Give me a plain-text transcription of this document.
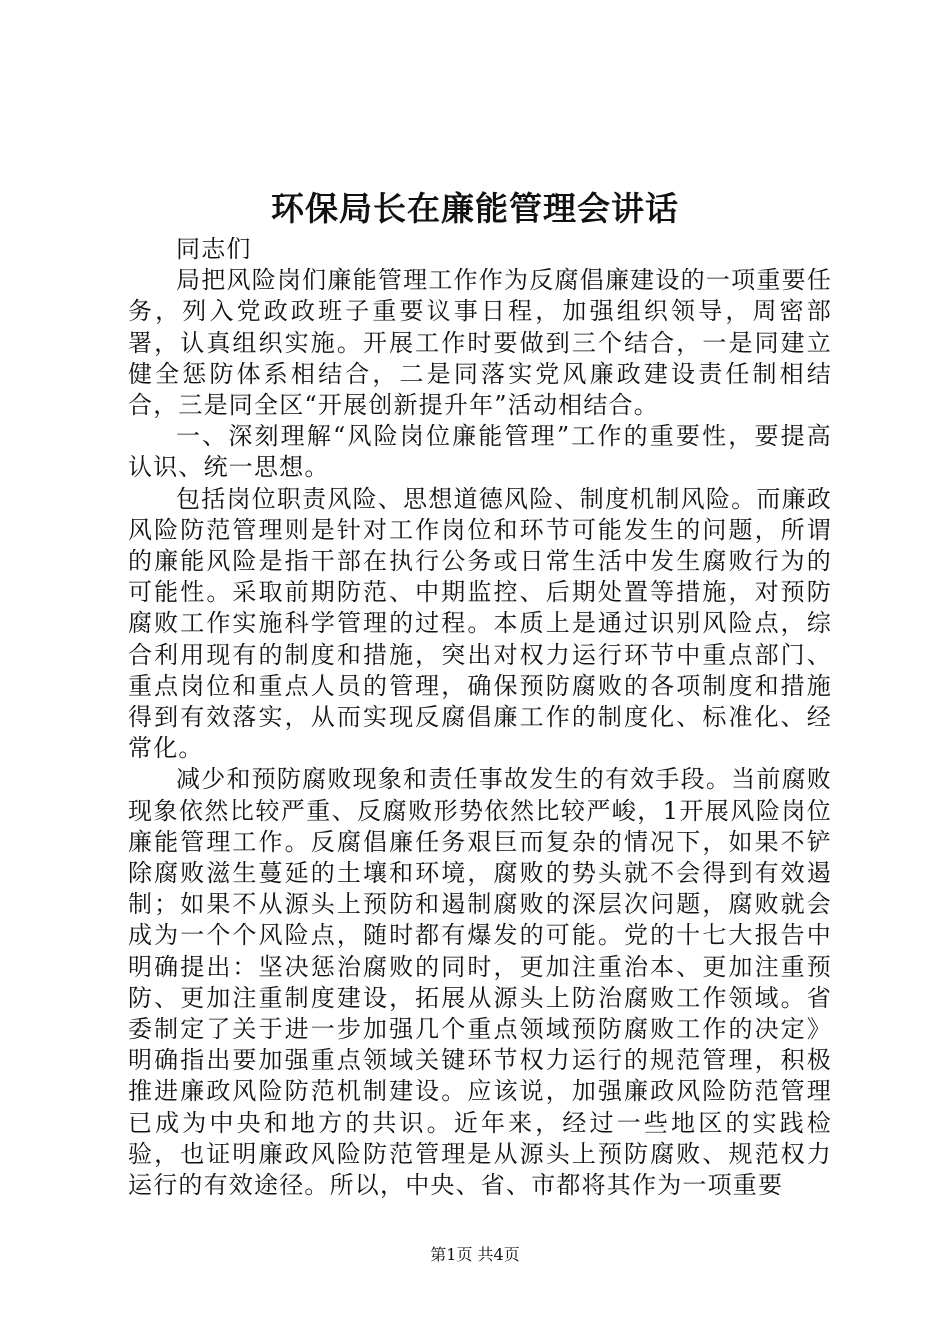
环保局长在廉能管理会讲话

同志们

局把风险岗们廉能管理工作作为反腐倡廉建设的一项重要任务，列入党政政班子重要议事日程，加强组织领导，周密部署，认真组织实施。开展工作时要做到三个结合，一是同建立健全惩防体系相结合，二是同落实党风廉政建设责任制相结合，三是同全区“开展创新提升年”活动相结合。

一、深刻理解“风险岗位廉能管理”工作的重要性，要提高认识、统一思想。

包括岗位职责风险、思想道德风险、制度机制风险。而廉政风险防范管理则是针对工作岗位和环节可能发生的问题，所谓的廉能风险是指干部在执行公务或日常生活中发生腐败行为的可能性。采取前期防范、中期监控、后期处置等措施，对预防腐败工作实施科学管理的过程。本质上是通过识别风险点，综合利用现有的制度和措施，突出对权力运行环节中重点部门、重点岗位和重点人员的管理，确保预防腐败的各项制度和措施得到有效落实，从而实现反腐倡廉工作的制度化、标准化、经常化。

减少和预防腐败现象和责任事故发生的有效手段。当前腐败现象依然比较严重、反腐败形势依然比较严峻，1开展风险岗位廉能管理工作。反腐倡廉任务艰巨而复杂的情况下，如果不铲除腐败滋生蔓延的土壤和环境，腐败的势头就不会得到有效遏制；如果不从源头上预防和遏制腐败的深层次问题，腐败就会成为一个个风险点，随时都有爆发的可能。党的十七大报告中明确提出：坚决惩治腐败的同时，更加注重治本、更加注重预防、更加注重制度建设，拓展从源头上防治腐败工作领域。省委制定了关于进一步加强几个重点领域预防腐败工作的决定》明确指出要加强重点领域关键环节权力运行的规范管理，积极推进廉政风险防范机制建设。应该说，加强廉政风险防范管理已成为中央和地方的共识。近年来，经过一些地区的实践检验，也证明廉政风险防范管理是从源头上预防腐败、规范权力运行的有效途径。所以，中央、省、市都将其作为一项重要

第1页 共4页
